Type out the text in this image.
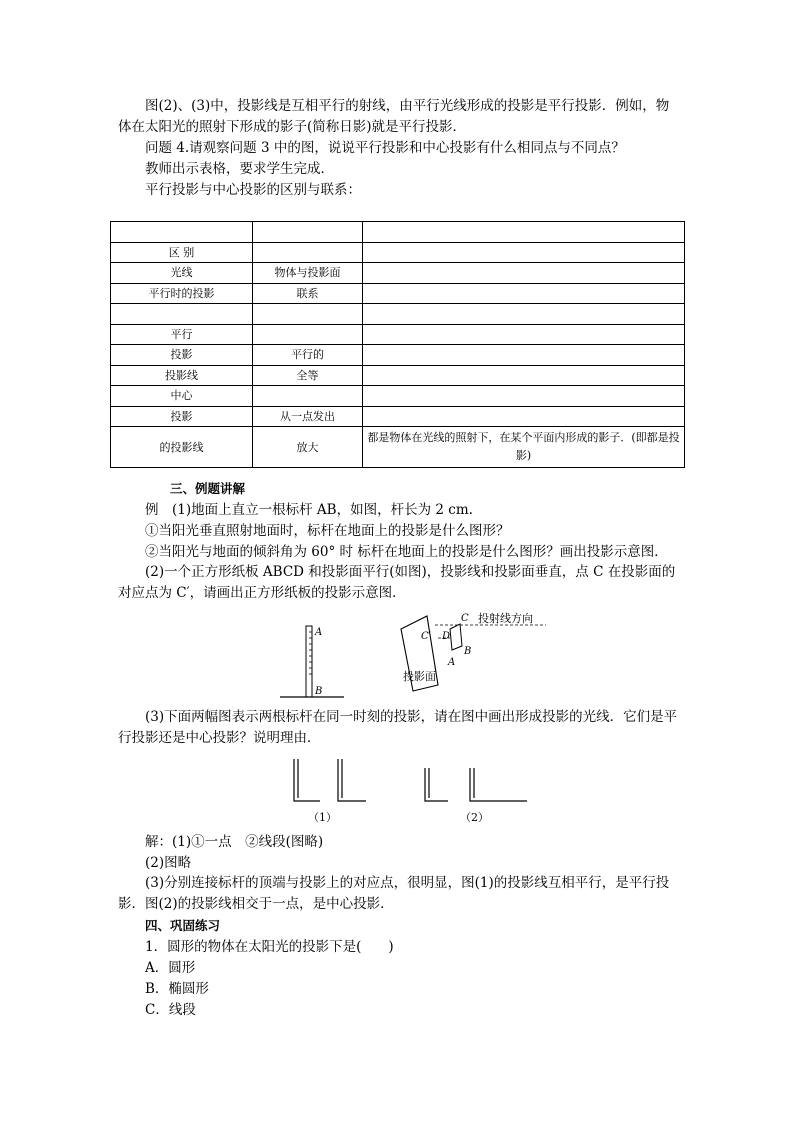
图(2)、(3)中，投影线是互相平行的射线，由平行光线形成的投影是平行投影．例如，物体在太阳光的照射下形成的影子(简称日影)就是平行投影．

问题 4.请观察问题 3 中的图，说说平行投影和中心投影有什么相同点与不同点？
教师出示表格，要求学生完成．
平行投影与中心投影的区别与联系：

区 别		
光线	物体与投影面	
平行时的投影	联系	

平行		
投影	平行的	
投影线	全等	
中心		
投影	从一点发出	
的投影线	放大	都是物体在光线的照射下，在某个平面内形成的影子．(即都是投影)
三、例题讲解
例　(1)地面上直立一根标杆 AB，如图，杆长为 2 cm.
①当阳光垂直照射地面时，标杆在地面上的投影是什么图形？
②当阳光与地面的倾斜角为 60° 时 标杆在地面上的投影是什么图形？画出投影示意图．

(2)一个正方形纸板 ABCD 和投影面平行(如图)，投影线和投影面垂直，点 C 在投影面的对应点为 C′，请画出正方形纸板的投影示意图．

A
B
C′
C
D
A
B
投射线方向
投影面

(3)下面两幅图表示两根标杆在同一时刻的投影，请在图中画出形成投影的光线．它们是平行投影还是中心投影？说明理由．

（1）	（2）
解：(1)①一点　②线段(图略)
(2)图略

(3)分别连接标杆的顶端与投影上的对应点，很明显，图(1)的投影线互相平行，是平行投影．图(2)的投影线相交于一点，是中心投影．

四、巩固练习
1．圆形的物体在太阳光的投影下是(　　)
A．圆形
B．椭圆形
C．线段
